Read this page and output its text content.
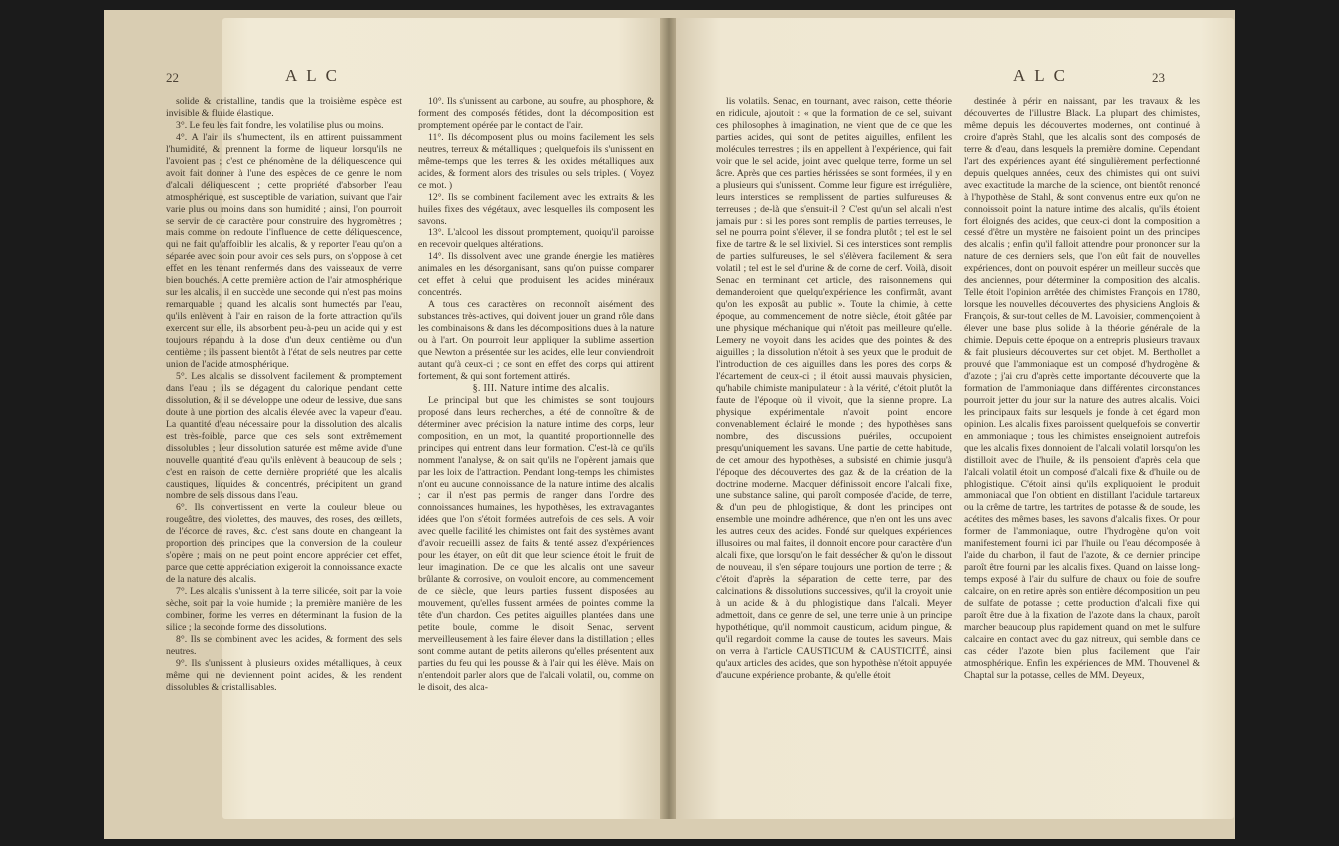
22	ALC	ALC	23

solide & cristalline, tandis que la troisième espèce est invisible & fluide élastique.

3°. Le feu les fait fondre, les volatilise plus ou moins.

4°. A l'air ils s'humectent, ils en attirent puissamment l'humidité, & prennent la forme de liqueur lorsqu'ils ne l'avoient pas ; c'est ce phénomène de la déliquescence qui avoit fait donner à l'une des espèces de ce genre le nom d'alcali déliquescent ; cette propriété d'absorber l'eau atmosphérique, est susceptible de variation, suivant que l'air varie plus ou moins dans son humidité ; ainsi, l'on pourroit se servir de ce caractère pour construire des hygromètres ; mais comme on redoute l'influence de cette déliquescence, qui ne fait qu'affoiblir les alcalis, & y reporter l'eau qu'on a séparée avec soin pour avoir ces sels purs, on s'oppose à cet effet en les tenant renfermés dans des vaisseaux de verre bien bouchés. A cette première action de l'air atmosphérique sur les alcalis, il en succède une seconde qui n'est pas moins remarquable ; quand les alcalis sont humectés par l'eau, qu'ils enlèvent à l'air en raison de la forte attraction qu'ils exercent sur elle, ils absorbent peu-à-peu un acide qui y est toujours répandu à la dose d'un deux centième ou d'un centième ; ils passent bientôt à l'état de sels neutres par cette union de l'acide atmosphérique.

5°. Les alcalis se dissolvent facilement & promptement dans l'eau ; ils se dégagent du calorique pendant cette dissolution, & il se développe une odeur de lessive, due sans doute à une portion des alcalis élevée avec la vapeur d'eau. La quantité d'eau nécessaire pour la dissolution des alcalis est très-foible, parce que ces sels sont extrêmement dissolubles ; leur dissolution saturée est même avide d'une nouvelle quantité d'eau qu'ils enlèvent à beaucoup de sels ; c'est en raison de cette dernière propriété que les alcalis caustiques, liquides & concentrés, précipitent un grand nombre de sels dissous dans l'eau.

6°. Ils convertissent en verte la couleur bleue ou rougeâtre, des violettes, des mauves, des roses, des œillets, de l'écorce de raves, &c. c'est sans doute en changeant la proportion des principes que la conversion de la couleur s'opère ; mais on ne peut point encore apprécier cet effet, parce que cette appréciation exigeroit la connoissance exacte de la nature des alcalis.

7°. Les alcalis s'unissent à la terre silicée, soit par la voie sèche, soit par la voie humide ; la première manière de les combiner, forme les verres en déterminant la fusion de la silice ; la seconde forme des dissolutions.

8°. Ils se combinent avec les acides, & forment des sels neutres.

9°. Ils s'unissent à plusieurs oxides métalliques, à ceux même qui ne deviennent point acides, & les rendent dissolubles & cristallisables.

10°. Ils s'unissent au carbone, au soufre, au phosphore, & forment des composés fétides, dont la décomposition est promptement opérée par le contact de l'air.

11°. Ils décomposent plus ou moins facilement les sels neutres, terreux & métalliques ; quelquefois ils s'unissent en même-temps que les terres & les oxides métalliques aux acides, & forment alors des trisules ou sels triples. ( Voyez ce mot. )

12°. Ils se combinent facilement avec les extraits & les huiles fixes des végétaux, avec lesquelles ils composent les savons.

13°. L'alcool les dissout promptement, quoiqu'il paroisse en recevoir quelques altérations.

14°. Ils dissolvent avec une grande énergie les matières animales en les désorganisant, sans qu'on puisse comparer cet effet à celui que produisent les acides minéraux concentrés.

A tous ces caractères on reconnoît aisément des substances très-actives, qui doivent jouer un grand rôle dans les combinaisons & dans les décompositions dues à la nature ou à l'art. On pourroit leur appliquer la sublime assertion que Newton a présentée sur les acides, elle leur conviendroit autant qu'à ceux-ci ; ce sont en effet des corps qui attirent fortement, & qui sont fortement attirés.

§. III. Nature intime des alcalis.

Le principal but que les chimistes se sont toujours proposé dans leurs recherches, a été de connoître & de déterminer avec précision la nature intime des corps, leur composition, en un mot, la quantité proportionnelle des principes qui entrent dans leur formation. C'est-là ce qu'ils nomment l'analyse, & on sait qu'ils ne l'opèrent jamais que par les loix de l'attraction. Pendant long-temps les chimistes n'ont eu aucune connoissance de la nature intime des alcalis ; car il n'est pas permis de ranger dans l'ordre des connoissances humaines, les hypothèses, les extravagantes idées que l'on s'étoit formées autrefois de ces sels. A voir avec quelle facilité les chimistes ont fait des systèmes avant d'avoir recueilli assez de faits & tenté assez d'expériences pour les étayer, on eût dit que leur science étoit le fruit de leur imagination. De ce que les alcalis ont une saveur brûlante & corrosive, on vouloit encore, au commencement de ce siècle, que leurs parties fussent disposées au mouvement, qu'elles fussent armées de pointes comme la tête d'un chardon. Ces petites aiguilles plantées dans une petite boule, comme le disoit Senac, servent merveilleusement à les faire élever dans la distillation ; elles sont comme autant de petits ailerons qu'elles présentent aux parties du feu qui les pousse & à l'air qui les élève. Mais on n'entendoit parler alors que de l'alcali volatil, ou, comme on le disoit, des alca-

lis volatils. Senac, en tournant, avec raison, cette théorie en ridicule, ajoutoit : « que la formation de ce sel, suivant ces philosophes à imagination, ne vient que de ce que les parties acides, qui sont de petites aiguilles, enfilent les molécules terrestres ; ils en appellent à l'expérience, qui fait voir que le sel acide, joint avec quelque terre, forme un sel âcre. Après que ces parties hérissées se sont formées, il y en a plusieurs qui s'unissent. Comme leur figure est irrégulière, leurs interstices se remplissent de parties sulfureuses & terreuses ; de-là que s'ensuit-il ? C'est qu'un sel alcali n'est jamais pur : si les pores sont remplis de parties terreuses, le sel ne pourra point s'élever, il se fondra plutôt ; tel est le sel fixe de tartre & le sel lixiviel. Si ces interstices sont remplis de parties sulfureuses, le sel s'élèvera facilement & sera volatil ; tel est le sel d'urine & de corne de cerf. Voilà, disoit Senac en terminant cet article, des raisonnemens qui demanderoient que quelqu'expérience les confirmât, avant qu'on les exposât au public ». Toute la chimie, à cette époque, au commencement de notre siècle, étoit gâtée par une physique méchanique qui n'étoit pas meilleure qu'elle. Lemery ne voyoit dans les acides que des pointes & des aiguilles ; la dissolution n'étoit à ses yeux que le produit de l'introduction de ces aiguilles dans les pores des corps & l'écartement de ceux-ci ; il étoit aussi mauvais physicien, qu'habile chimiste manipulateur : à la vérité, c'étoit plutôt la faute de l'époque où il vivoit, que la sienne propre. La physique expérimentale n'avoit point encore convenablement éclairé le monde ; des hypothèses sans nombre, des discussions puériles, occupoient presqu'uniquement les savans. Une partie de cette habitude, de cet amour des hypothèses, a subsisté en chimie jusqu'à l'époque des découvertes des gaz & de la création de la doctrine moderne. Macquer définissoit encore l'alcali fixe, une substance saline, qui paroît composée d'acide, de terre, & d'un peu de phlogistique, & dont les principes ont ensemble une moindre adhérence, que n'en ont les uns avec les autres ceux des acides. Fondé sur quelques expériences illusoires ou mal faites, il donnoit encore pour caractère d'un alcali fixe, que lorsqu'on le fait dessécher & qu'on le dissout de nouveau, il s'en sépare toujours une portion de terre ; & c'étoit d'après la séparation de cette terre, par des calcinations & dissolutions successives, qu'il la croyoit unie à un acide & à du phlogistique dans l'alcali. Meyer admettoit, dans ce genre de sel, une terre unie à un principe hypothétique, qu'il nommoit causticum, acidum pingue, & qu'il regardoit comme la cause de toutes les saveurs. Mais on verra à l'article CAUSTICUM & CAUSTICITÉ, ainsi qu'aux articles des acides, que son hypothèse n'étoit appuyée d'aucune expérience probante, & qu'elle étoit

destinée à périr en naissant, par les travaux & les découvertes de l'illustre Black. La plupart des chimistes, même depuis les découvertes modernes, ont continué à croire d'après Stahl, que les alcalis sont des composés de terre & d'eau, dans lesquels la première domine. Cependant l'art des expériences ayant été singulièrement perfectionné depuis quelques années, ceux des chimistes qui ont suivi avec exactitude la marche de la science, ont bientôt renoncé à l'hypothèse de Stahl, & sont convenus entre eux qu'on ne connoissoit point la nature intime des alcalis, qu'ils étoient fort éloignés des acides, que ceux-ci dont la composition a cessé d'être un mystère ne faisoient point un des principes des alcalis ; enfin qu'il falloit attendre pour prononcer sur la nature de ces derniers sels, que l'on eût fait de nouvelles expériences, dont on pouvoit espérer un meilleur succès que des anciennes, pour déterminer la composition des alcalis. Telle étoit l'opinion arrêtée des chimistes François en 1780, lorsque les nouvelles découvertes des physiciens Anglois & François, & sur-tout celles de M. Lavoisier, commençoient à élever une base plus solide à la théorie générale de la chimie. Depuis cette époque on a entrepris plusieurs travaux & fait plusieurs découvertes sur cet objet. M. Berthollet a prouvé que l'ammoniaque est un composé d'hydrogène & d'azote ; j'ai cru d'après cette importante découverte que la formation de l'ammoniaque dans différentes circonstances pourroit jetter du jour sur la nature des autres alcalis. Voici les principaux faits sur lesquels je fonde à cet égard mon opinion. Les alcalis fixes paroissent quelquefois se convertir en ammoniaque ; tous les chimistes enseignoient autrefois que les alcalis fixes donnoient de l'alcali volatil lorsqu'on les distilloit avec de l'huile, & ils pensoient d'après cela que l'alcali volatil étoit un composé d'alcali fixe & d'huile ou de phlogistique. C'étoit ainsi qu'ils expliquoient le produit ammoniacal que l'on obtient en distillant l'acidule tartareux ou la crême de tartre, les tartrites de potasse & de soude, les acétites des mêmes bases, les savons d'alcalis fixes. Or pour former de l'ammoniaque, outre l'hydrogène qu'on voit manifestement fourni ici par l'huile ou l'eau décomposée à l'aide du charbon, il faut de l'azote, & ce dernier principe paroît être fourni par les alcalis fixes. Quand on laisse long-temps exposé à l'air du sulfure de chaux ou foie de soufre calcaire, on en retire après son entière décomposition un peu de sulfate de potasse ; cette production d'alcali fixe qui paroît être due à la fixation de l'azote dans la chaux, paroît marcher beaucoup plus rapidement quand on met le sulfure calcaire en contact avec du gaz nitreux, qui semble dans ce cas céder l'azote bien plus facilement que l'air atmosphérique. Enfin les expériences de MM. Thouvenel & Chaptal sur la potasse, celles de MM. Deyeux,
